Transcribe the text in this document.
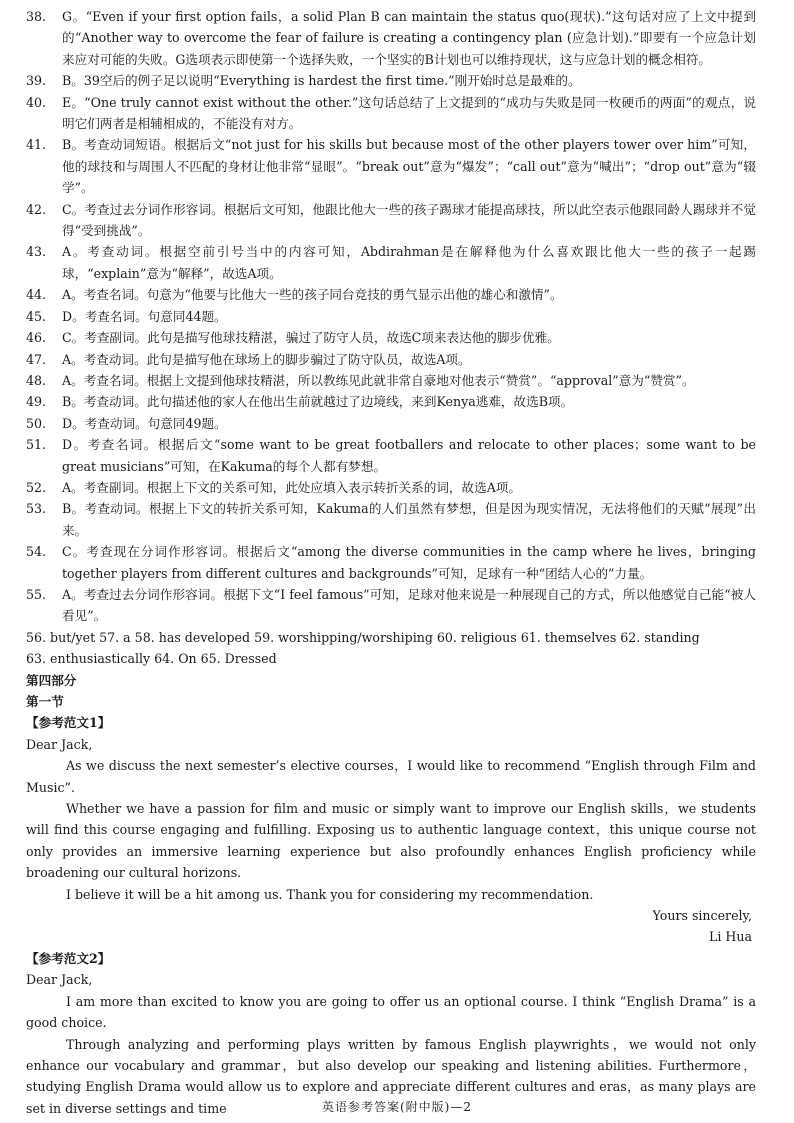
38.	G。“Even if your first option fails，a solid Plan B can maintain the status quo(现状).”这句话对应了上文中提到的“Another way to overcome the fear of failure is creating a contingency plan (应急计划).”即要有一个应急计划来应对可能的失败。G选项表示即使第一个选择失败，一个坚实的B计划也可以维持现状，这与应急计划的概念相符。
39.	B。39空后的例子足以说明“Everything is hardest the first time.”刚开始时总是最难的。
40.	E。“One truly cannot exist without the other.”这句话总结了上文提到的“成功与失败是同一枚硬币的两面”的观点，说明它们两者是相辅相成的，不能没有对方。
41.	B。考查动词短语。根据后文“not just for his skills but because most of the other players tower over him”可知，他的球技和与周围人不匹配的身材让他非常“显眼”。“break out”意为“爆发”；“call out”意为“喊出”；“drop out”意为“辍学”。
42.	C。考查过去分词作形容词。根据后文可知，他跟比他大一些的孩子踢球才能提高球技，所以此空表示他跟同龄人踢球并不觉得“受到挑战”。
43.	A。考查动词。根据空前引号当中的内容可知，Abdirahman是在解释他为什么喜欢跟比他大一些的孩子一起踢球，“explain”意为“解释”，故选A项。
44.	A。考查名词。句意为“他要与比他大一些的孩子同台竞技的勇气显示出他的雄心和激情”。
45.	D。考查名词。句意同44题。
46.	C。考查副词。此句是描写他球技精湛，骗过了防守人员，故选C项来表达他的脚步优雅。
47.	A。考查动词。此句是描写他在球场上的脚步骗过了防守队员，故选A项。
48.	A。考查名词。根据上文提到他球技精湛，所以教练见此就非常自豪地对他表示“赞赏”。“approval”意为“赞赏”。
49.	B。考查动词。此句描述他的家人在他出生前就越过了边境线，来到Kenya逃难，故选B项。
50.	D。考查动词。句意同49题。
51.	D。考查名词。根据后文“some want to be great footballers and relocate to other places；some want to be great musicians”可知，在Kakuma的每个人都有梦想。
52.	A。考查副词。根据上下文的关系可知，此处应填入表示转折关系的词，故选A项。
53.	B。考查动词。根据上下文的转折关系可知，Kakuma的人们虽然有梦想，但是因为现实情况，无法将他们的天赋“展现”出来。
54.	C。考查现在分词作形容词。根据后文“among the diverse communities in the camp where he lives，bringing together players from different cultures and backgrounds”可知，足球有一种“团结人心的”力量。
55.	A。考查过去分词作形容词。根据下文“I feel famous”可知，足球对他来说是一种展现自己的方式，所以他感觉自己能“被人看见”。
56. but/yet 57. a 58. has developed 59. worshipping/worshiping 60. religious 61. themselves 62. standing
63. enthusiastically 64. On 65. Dressed
第四部分
第一节
【参考范文1】
Dear Jack,
As we discuss the next semester’s elective courses，I would like to recommend “English through Film and Music”.
Whether we have a passion for film and music or simply want to improve our English skills，we students will find this course engaging and fulfilling. Exposing us to authentic language context，this unique course not only provides an immersive learning experience but also profoundly enhances English proficiency while broadening our cultural horizons.
I believe it will be a hit among us. Thank you for considering my recommendation.
Yours sincerely,
Li Hua
【参考范文2】
Dear Jack,
I am more than excited to know you are going to offer us an optional course. I think “English Drama” is a good choice.
Through analyzing and performing plays written by famous English playwrights，we would not only enhance our vocabulary and grammar，but also develop our speaking and listening abilities. Furthermore，studying English Drama would allow us to explore and appreciate different cultures and eras，as many plays are set in diverse settings and time	英语参考答案(附中版)—2
